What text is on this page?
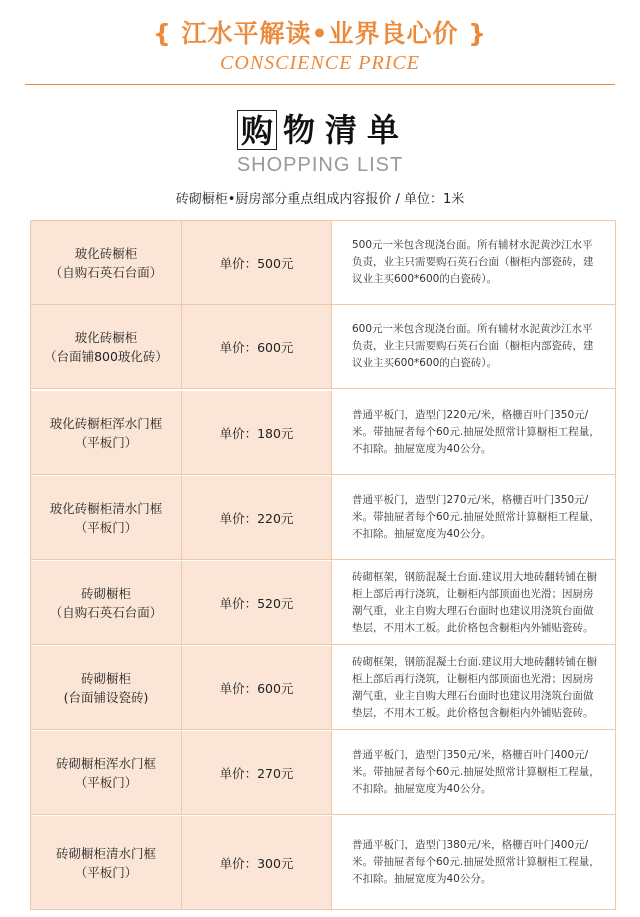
{ 江水平解读•业界良心价 }
CONSCIENCE PRICE
购 物 清 单
SHOPPING LIST
砖砌橱柜•厨房部分重点组成内容报价 / 单位：1米
玻化砖橱柜
（自购石英石台面）
单价：500元
500元一米包含现浇台面。所有辅材水泥黄沙江水平负责，业主只需要购石英石台面（橱柜内部瓷砖，建议业主买600*600的白瓷砖）。
玻化砖橱柜
（台面铺800玻化砖）
单价：600元
600元一米包含现浇台面。所有辅材水泥黄沙江水平负责，业主只需要购石英石台面（橱柜内部瓷砖，建议业主买600*600的白瓷砖）。
玻化砖橱柜浑水门框
（平板门）
单价：180元
普通平板门，造型门220元/米，格栅百叶门350元/米。带抽屉者每个60元.抽屉处照常计算橱柜工程量，不扣除。抽屉宽度为40公分。
玻化砖橱柜清水门框
（平板门）
单价：220元
普通平板门，造型门270元/米，格栅百叶门350元/米。带抽屉者每个60元.抽屉处照常计算橱柜工程量，不扣除。抽屉宽度为40公分。
砖砌橱柜
（自购石英石台面）
单价：520元
砖砌框架，钢筋混凝土台面.建议用大地砖翻转铺在橱柜上部后再行浇筑，让橱柜内部顶面也光滑；因厨房潮气重，业主自购大理石台面时也建议用浇筑台面做垫层，不用木工板。此价格包含橱柜内外铺贴瓷砖。
砖砌橱柜
(台面铺设瓷砖)
单价：600元
砖砌框架，钢筋混凝土台面.建议用大地砖翻转铺在橱柜上部后再行浇筑，让橱柜内部顶面也光滑；因厨房潮气重，业主自购大理石台面时也建议用浇筑台面做垫层，不用木工板。此价格包含橱柜内外铺贴瓷砖。
砖砌橱柜浑水门框
（平板门）
单价：270元
普通平板门，造型门350元/米，格栅百叶门400元/米。带抽屉者每个60元.抽屉处照常计算橱柜工程量，不扣除。抽屉宽度为40公分。
砖砌橱柜清水门框
（平板门）
单价：300元
普通平板门，造型门380元/米，格栅百叶门400元/米。带抽屉者每个60元.抽屉处照常计算橱柜工程量，不扣除。抽屉宽度为40公分。
